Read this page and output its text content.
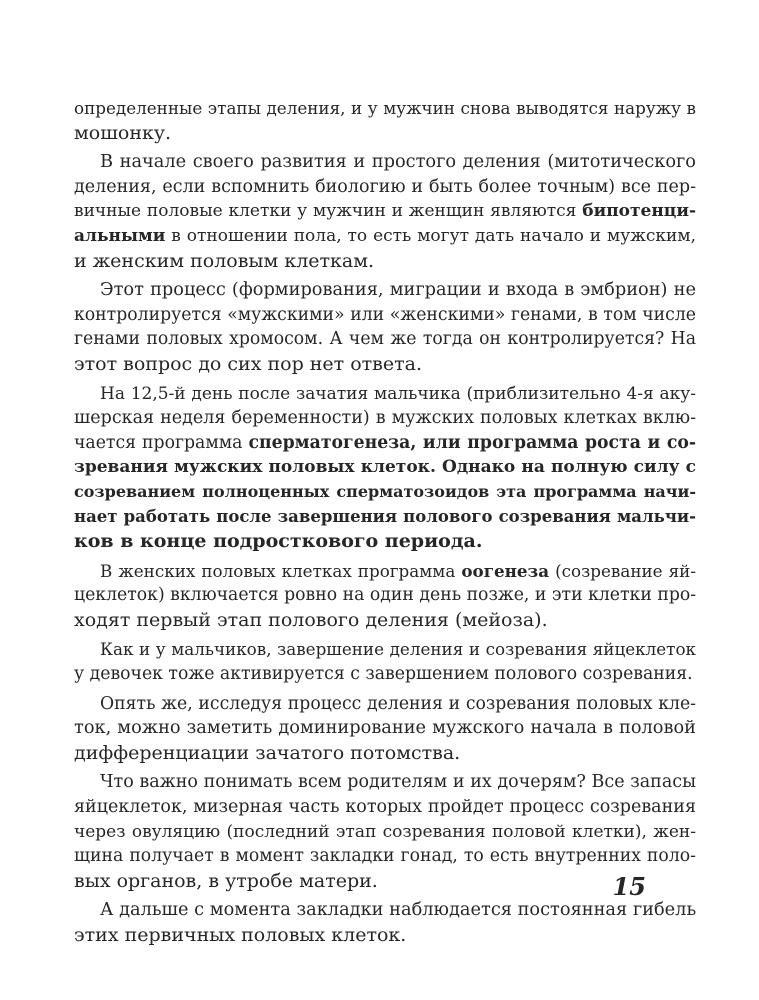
определенные этапы деления, и у мужчин снова выводятся наружу в
мошонку.
В начале своего развития и простого деления (митотического
деления, если вспомнить биологию и быть более точным) все пер-
вичные половые клетки у мужчин и женщин являются бипотенци-
альными в отношении пола, то есть могут дать начало и мужским,
и женским половым клеткам.
Этот процесс (формирования, миграции и входа в эмбрион) не
контролируется «мужскими» или «женскими» генами, в том числе
генами половых хромосом. А чем же тогда он контролируется? На
этот вопрос до сих пор нет ответа.
На 12,5-й день после зачатия мальчика (приблизительно 4-я аку-
шерская неделя беременности) в мужских половых клетках вклю-
чается программа сперматогенеза, или программа роста и со-
зревания мужских половых клеток. Однако на полную силу с
созреванием полноценных сперматозоидов эта программа начи-
нает работать после завершения полового созревания мальчи-
ков в конце подросткового периода.
В женских половых клетках программа оогенеза (созревание яй-
цеклеток) включается ровно на один день позже, и эти клетки про-
ходят первый этап полового деления (мейоза).
Как и у мальчиков, завершение деления и созревания яйцеклеток
у девочек тоже активируется с завершением полового созревания.
Опять же, исследуя процесс деления и созревания половых кле-
ток, можно заметить доминирование мужского начала в половой
дифференциации зачатого потомства.
Что важно понимать всем родителям и их дочерям? Все запасы
яйцеклеток, мизерная часть которых пройдет процесс созревания
через овуляцию (последний этап созревания половой клетки), жен-
щина получает в момент закладки гонад, то есть внутренних поло-
вых органов, в утробе матери.
А дальше с момента закладки наблюдается постоянная гибель
этих первичных половых клеток.
15
